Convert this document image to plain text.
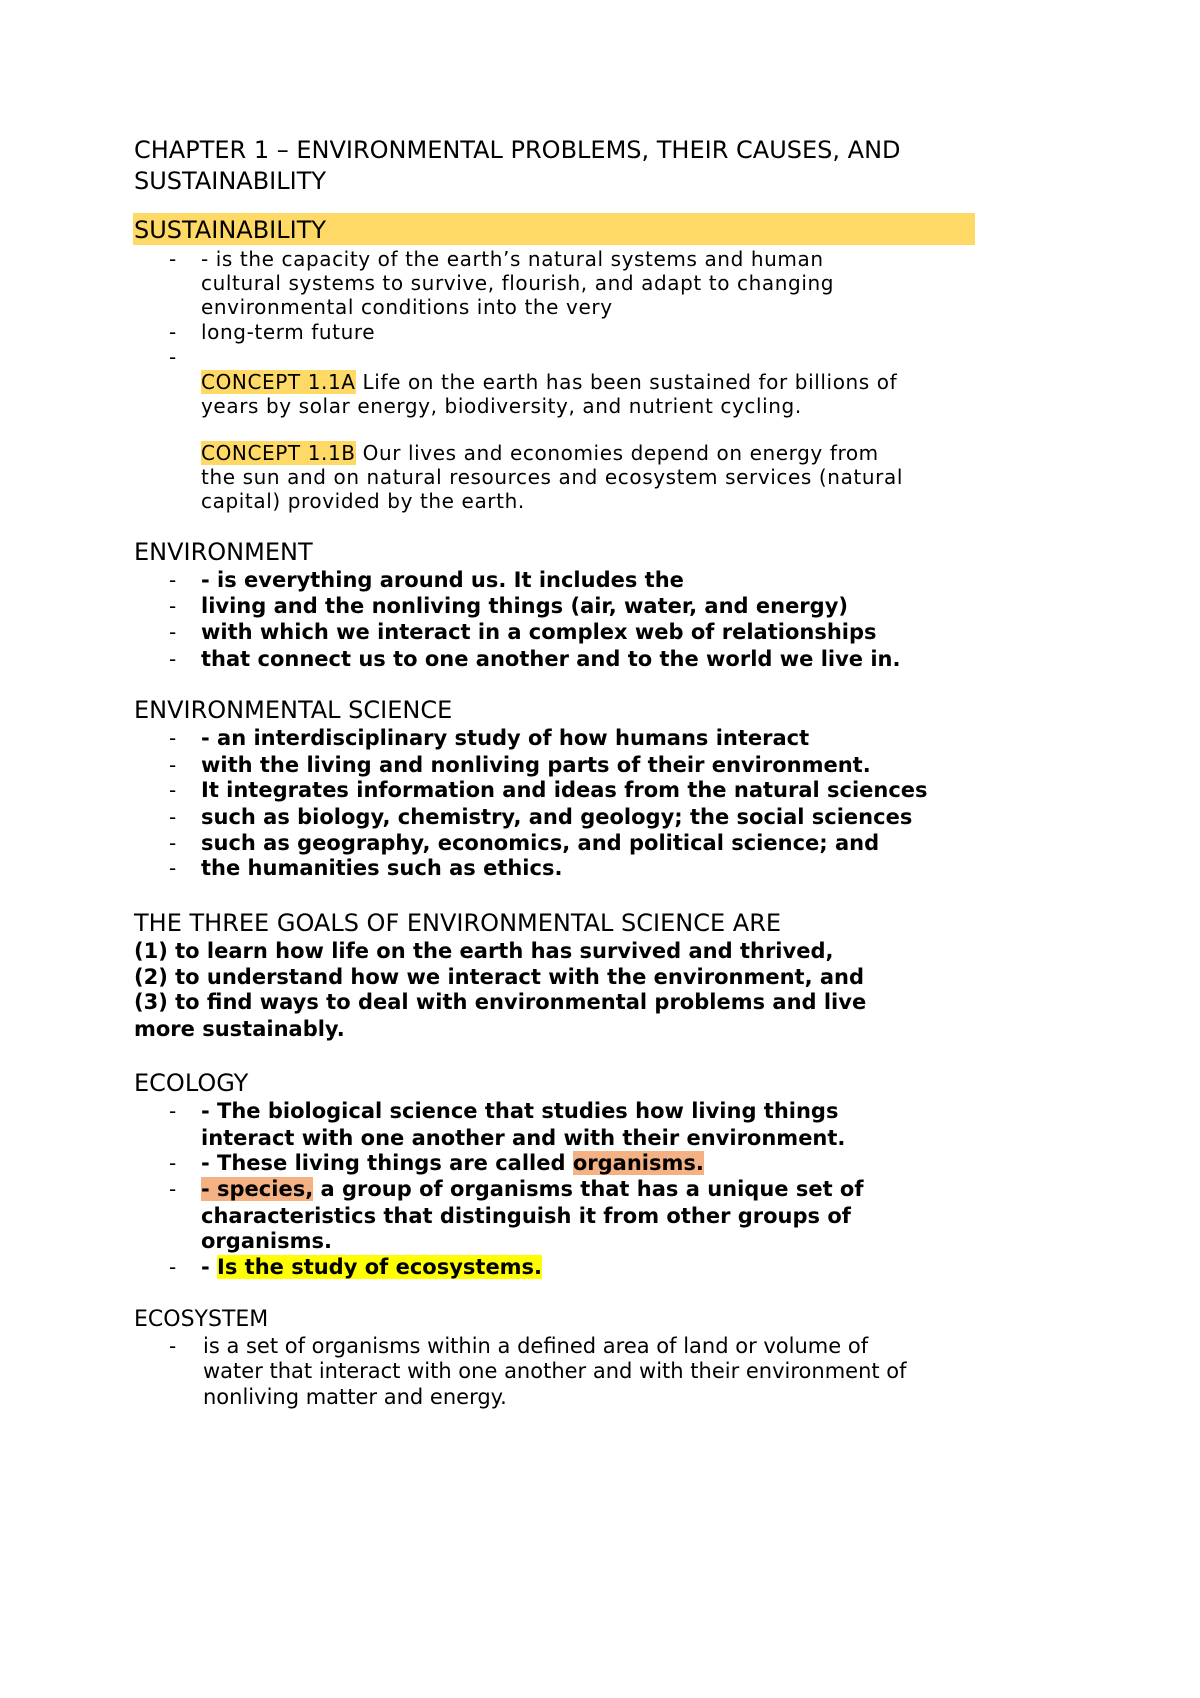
CHAPTER 1 – ENVIRONMENTAL PROBLEMS, THEIR CAUSES, AND
SUSTAINABILITY
SUSTAINABILITY
- - is the capacity of the earth’s natural systems and human
cultural systems to survive, flourish, and adapt to changing
environmental conditions into the very
- long-term future
-
CONCEPT 1.1A Life on the earth has been sustained for billions of
years by solar energy, biodiversity, and nutrient cycling.
CONCEPT 1.1B Our lives and economies depend on energy from
the sun and on natural resources and ecosystem services (natural
capital) provided by the earth.
ENVIRONMENT
- - is everything around us. It includes the
- living and the nonliving things (air, water, and energy)
- with which we interact in a complex web of relationships
- that connect us to one another and to the world we live in.
ENVIRONMENTAL SCIENCE
- - an interdisciplinary study of how humans interact
- with the living and nonliving parts of their environment.
- It integrates information and ideas from the natural sciences
- such as biology, chemistry, and geology; the social sciences
- such as geography, economics, and political science; and
- the humanities such as ethics.
THE THREE GOALS OF ENVIRONMENTAL SCIENCE ARE
(1) to learn how life on the earth has survived and thrived,
(2) to understand how we interact with the environment, and
(3) to find ways to deal with environmental problems and live
more sustainably.
ECOLOGY
- - The biological science that studies how living things
interact with one another and with their environment.
- - These living things are called organisms.
- - species, a group of organisms that has a unique set of
characteristics that distinguish it from other groups of
organisms.
- - Is the study of ecosystems.
ECOSYSTEM
- is a set of organisms within a defined area of land or volume of
water that interact with one another and with their environment of
nonliving matter and energy.
